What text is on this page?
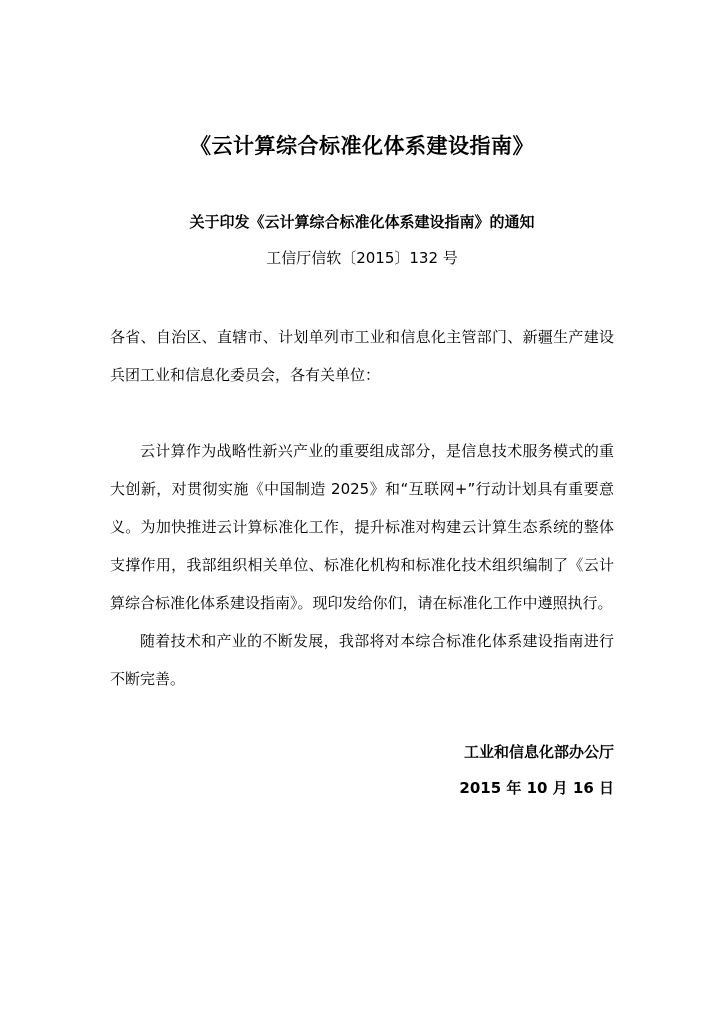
《云计算综合标准化体系建设指南》
关于印发《云计算综合标准化体系建设指南》的通知
工信厅信软〔2015〕132 号
各省、自治区、直辖市、计划单列市工业和信息化主管部门、新疆生产建设兵团工业和信息化委员会，各有关单位：
云计算作为战略性新兴产业的重要组成部分，是信息技术服务模式的重大创新，对贯彻实施《中国制造 2025》和“互联网+”行动计划具有重要意义。为加快推进云计算标准化工作，提升标准对构建云计算生态系统的整体支撑作用，我部组织相关单位、标准化机构和标准化技术组织编制了《云计算综合标准化体系建设指南》。现印发给你们，请在标准化工作中遵照执行。
随着技术和产业的不断发展，我部将对本综合标准化体系建设指南进行不断完善。
工业和信息化部办公厅
2015 年 10 月 16 日
